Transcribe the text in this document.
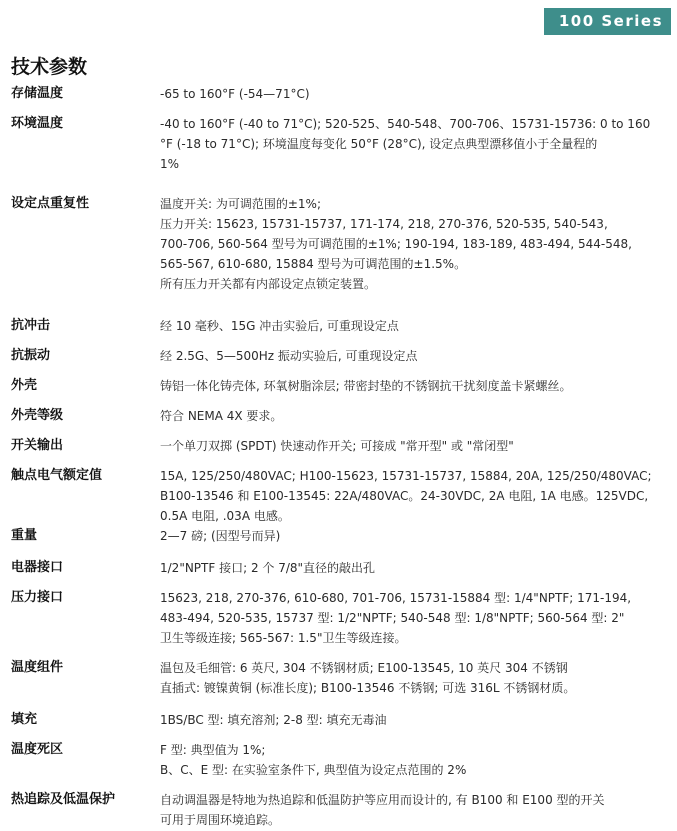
100 Series
技术参数
存储温度	-65 to 160°F (-54—71°C)
环境温度	-40 to 160°F (-40 to 71°C); 520-525、540-548、700-706、15731-15736: 0 to 160
°F (-18 to 71°C); 环境温度每变化 50°F (28°C), 设定点典型漂移值小于全量程的
1%
设定点重复性	温度开关: 为可调范围的±1%;
压力开关: 15623, 15731-15737, 171-174, 218, 270-376, 520-535, 540-543,
700-706, 560-564 型号为可调范围的±1%; 190-194, 183-189, 483-494, 544-548,
565-567, 610-680, 15884 型号为可调范围的±1.5%。
所有压力开关都有内部设定点锁定装置。
抗冲击	经 10 毫秒、15G 冲击实验后, 可重现设定点
抗振动	经 2.5G、5—500Hz 振动实验后, 可重现设定点
外壳	铸铝一体化铸壳体, 环氧树脂涂层; 带密封垫的不锈钢抗干扰刻度盖卡紧螺丝。
外壳等级	符合 NEMA 4X 要求。
开关输出	一个单刀双掷 (SPDT) 快速动作开关; 可接成 "常开型" 或 "常闭型"
触点电气额定值	15A, 125/250/480VAC; H100-15623, 15731-15737, 15884, 20A, 125/250/480VAC;
B100-13546 和 E100-13545: 22A/480VAC。24-30VDC, 2A 电阻, 1A 电感。125VDC,
0.5A 电阻, .03A 电感。
重量	2—7 磅; (因型号而异)
电器接口	1/2"NPTF 接口; 2 个 7/8"直径的敲出孔
压力接口	15623, 218, 270-376, 610-680, 701-706, 15731-15884 型: 1/4"NPTF; 171-194,
483-494, 520-535, 15737 型: 1/2"NPTF; 540-548 型: 1/8"NPTF; 560-564 型: 2"
卫生等级连接; 565-567: 1.5"卫生等级连接。
温度组件	温包及毛细管: 6 英尺, 304 不锈钢材质; E100-13545, 10 英尺 304 不锈钢
直插式: 镀镍黄铜 (标准长度); B100-13546 不锈钢; 可选 316L 不锈钢材质。
填充	1BS/BC 型: 填充溶剂; 2-8 型: 填充无毒油
温度死区	F 型: 典型值为 1%;
B、C、E 型: 在实验室条件下, 典型值为设定点范围的 2%
热追踪及低温保护	自动调温器是特地为热追踪和低温防护等应用而设计的, 有 B100 和 E100 型的开关
可用于周围环境追踪。
